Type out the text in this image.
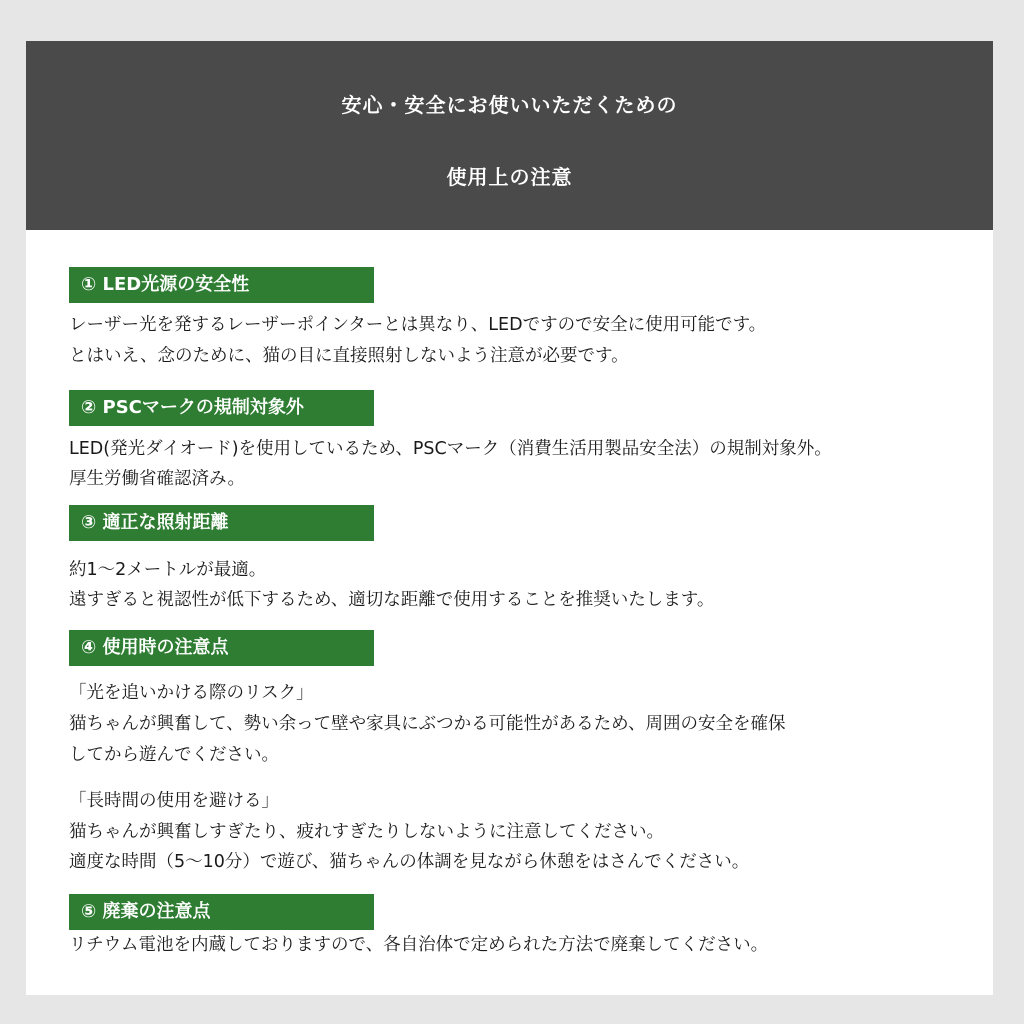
安心・安全にお使いいただくための
使用上の注意
① LED光源の安全性
レーザー光を発するレーザーポインターとは異なり、LEDですので安全に使用可能です。
とはいえ、念のために、猫の目に直接照射しないよう注意が必要です。
② PSCマークの規制対象外
LED(発光ダイオード)を使用しているため、PSCマーク（消費生活用製品安全法）の規制対象外。
厚生労働省確認済み。
③ 適正な照射距離
約1〜2メートルが最適。
遠すぎると視認性が低下するため、適切な距離で使用することを推奨いたします。
④ 使用時の注意点
「光を追いかける際のリスク」
猫ちゃんが興奮して、勢い余って壁や家具にぶつかる可能性があるため、周囲の安全を確保
してから遊んでください。
「長時間の使用を避ける」
猫ちゃんが興奮しすぎたり、疲れすぎたりしないように注意してください。
適度な時間（5〜10分）で遊び、猫ちゃんの体調を見ながら休憩をはさんでください。
⑤ 廃棄の注意点
リチウム電池を内蔵しておりますので、各自治体で定められた方法で廃棄してください。
